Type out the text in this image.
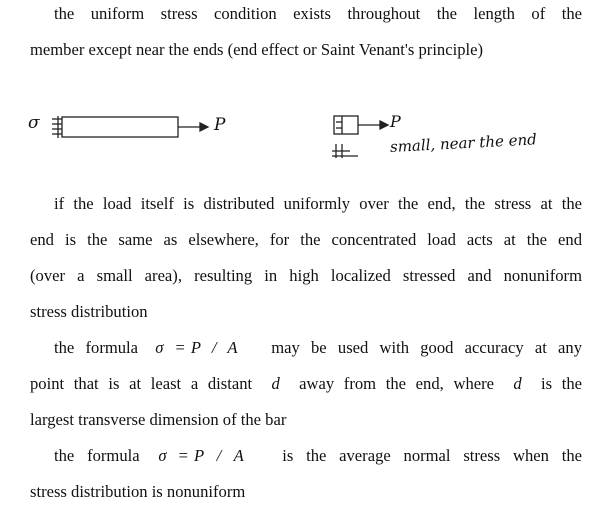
the uniform stress condition exists throughout the length of the
member except near the ends (end effect or Saint Venant's principle)
σ	P	P
small, near the end
if the load itself is distributed uniformly over the end, the stress at the
end is the same as elsewhere, for the concentrated load acts at the end
(over a small area), resulting in high localized stressed and nonuniform
stress distribution
the formula σ = P / A may be used with good accuracy at any
point that is at least a distant d away from the end, where d is the
largest transverse dimension of the bar
the formula σ = P / A is the average normal stress when the
stress distribution is nonuniform
